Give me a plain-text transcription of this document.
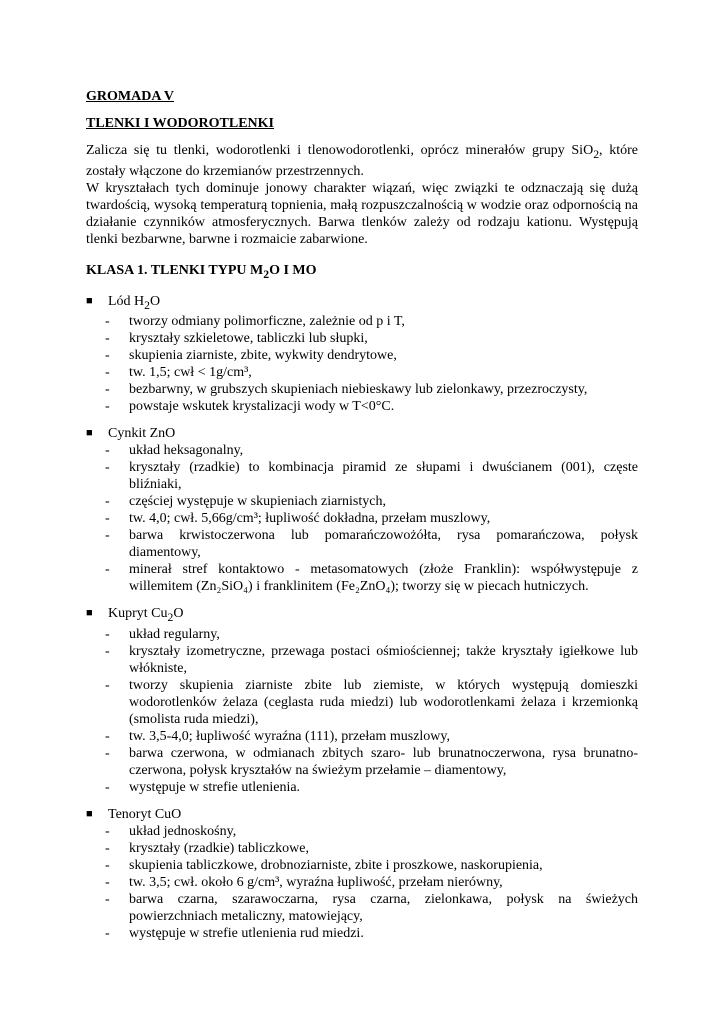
GROMADA V
TLENKI I WODOROTLENKI

Zalicza się tu tlenki, wodorotlenki i tlenowodorotlenki, oprócz minerałów grupy SiO$_2$, które zostały włączone do krzemianów przestrzennych.

W kryształach tych dominuje jonowy charakter wiązań, więc związki te odznaczają się dużą twardością, wysoką temperaturą topnienia, małą rozpuszczalnością w wodzie oraz odpornością na działanie czynników atmosferycznych. Barwa tlenków zależy od rodzaju kationu. Występują tlenki bezbarwne, barwne i rozmaicie zabarwione.

KLASA 1. TLENKI TYPU $M_2O$ I MO
■ Lód $H_2O$
- tworzy odmiany polimorficzne, zależnie od p i T,
- kryształy szkieletowe, tabliczki lub słupki,
- skupienia ziarniste, zbite, wykwity dendrytowe,
- tw. 1,5; cwł < 1g/cm³,
- bezbarwny, w grubszych skupieniach niebieskawy lub zielonkawy, przezroczysty,
- powstaje wskutek krystalizacji wody w T<0°C.
■ Cynkit ZnO
- układ heksagonalny,
- kryształy (rzadkie) to kombinacja piramid ze słupami i dwuścianem (001), częste bliźniaki,
- częściej występuje w skupieniach ziarnistych,
- tw. 4,0; cwł. 5,66g/cm³; łupliwość dokładna, przełam muszlowy,
- barwa krwistoczerwona lub pomarańczowożółta, rysa pomarańczowa, połysk diamentowy,
- minerał stref kontaktowo - metasomatowych (złoże Franklin): współwystępuje z willemitem (Zn₂SiO₄) i franklinitem (Fe₂ZnO₄); tworzy się w piecach hutniczych.
■ Kupryt $Cu_2O$
- układ regularny,
- kryształy izometryczne, przewaga postaci ośmiościennej; także kryształy igiełkowe lub włókniste,
- tworzy skupienia ziarniste zbite lub ziemiste, w których występują domieszki wodorotlenków żelaza (ceglasta ruda miedzi) lub wodorotlenkami żelaza i krzemionką (smolista ruda miedzi),
- tw. 3,5-4,0; łupliwość wyraźna (111), przełam muszlowy,
- barwa czerwona, w odmianach zbitych szaro- lub brunatnoczerwona, rysa brunatno-czerwona, połysk kryształów na świeżym przełamie – diamentowy,
- występuje w strefie utlenienia.
■ Tenoryt CuO
- układ jednoskośny,
- kryształy (rzadkie) tabliczkowe,
- skupienia tabliczkowe, drobnoziarniste, zbite i proszkowe, naskorupienia,
- tw. 3,5; cwł. około 6 g/cm³, wyraźna łupliwość, przełam nierówny,
- barwa czarna, szarawoczarna, rysa czarna, zielonkawa, połysk na świeżych powierzchniach metaliczny, matowiejący,
- występuje w strefie utlenienia rud miedzi.
